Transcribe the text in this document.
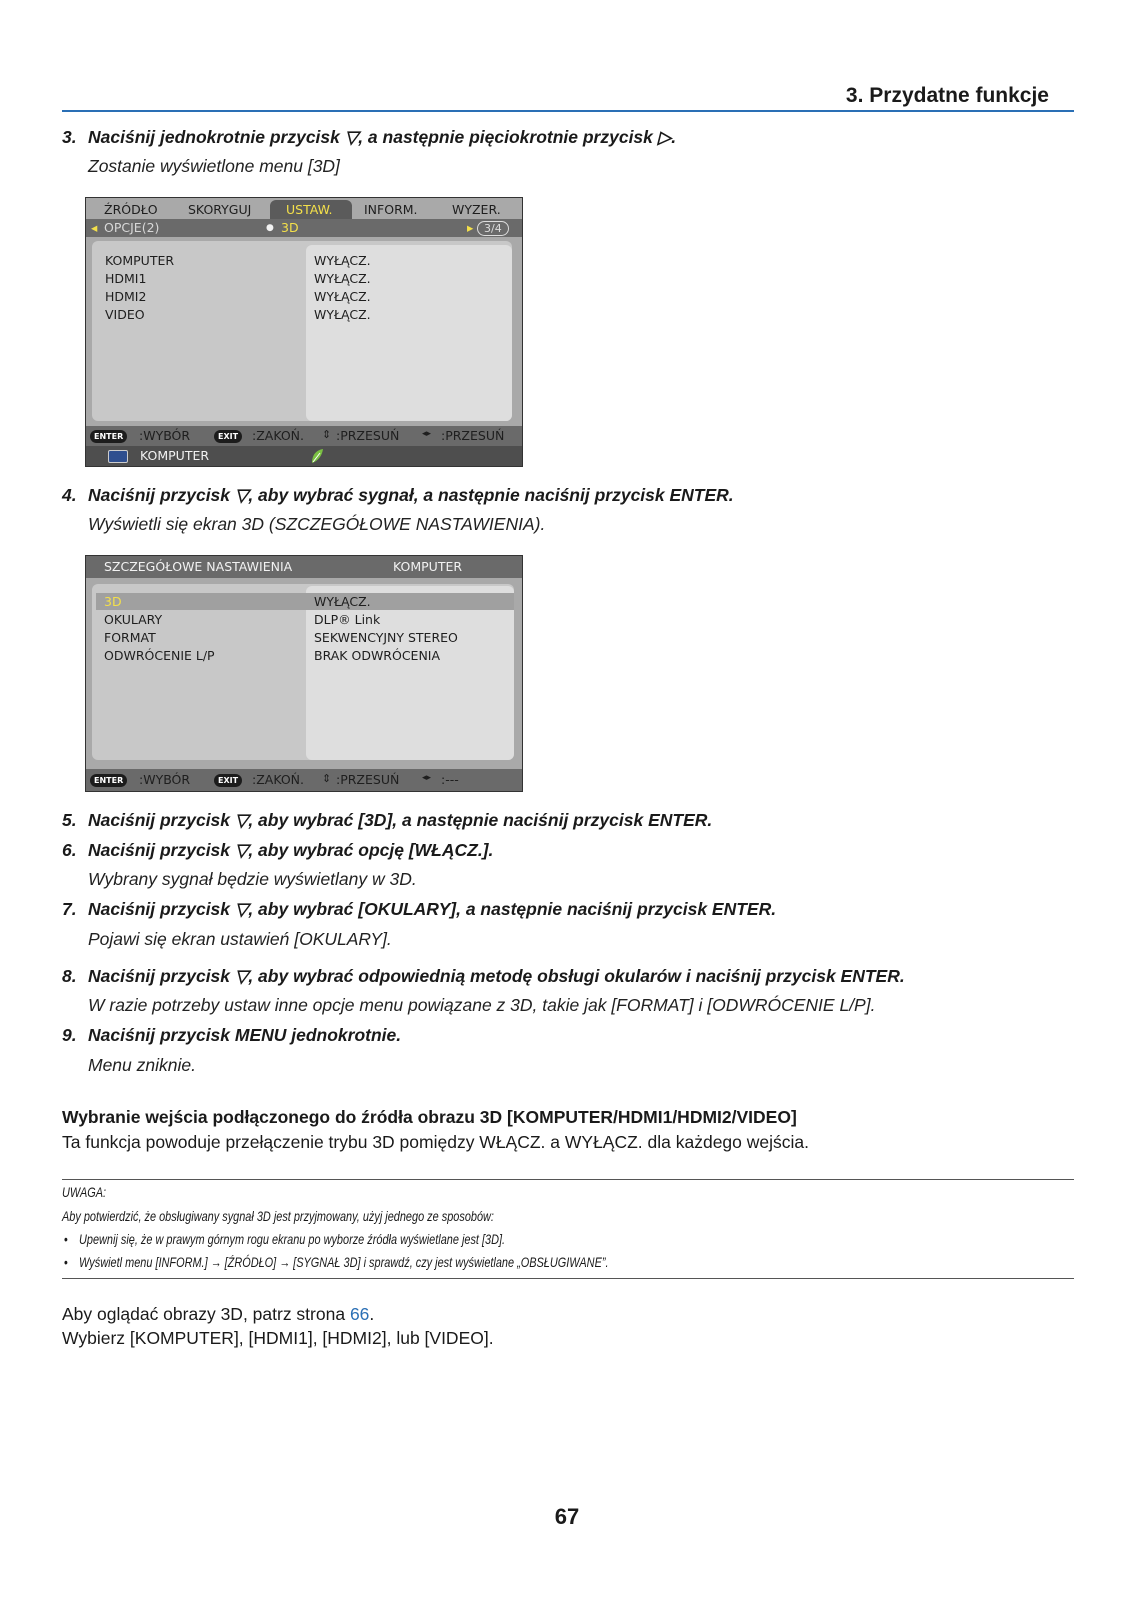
3. Przydatne funkcje
3. Naciśnij jednokrotnie przycisk ▽, a następnie pięciokrotnie przycisk ▷.
Zostanie wyświetlone menu [3D]
ŹRÓDŁO SKORYGUJ	USTAW.	INFORM.	WYZER.
◂ OPCJE(2)	● 3D	▸ 3/4
KOMPUTER	WYŁĄCZ.
HDMI1	WYŁĄCZ.
HDMI2	WYŁĄCZ.
VIDEO	WYŁĄCZ.
ENTER	:WYBÓR	EXIT	:ZAKOŃ. ⇕ :PRZESUŃ	◂▸ :PRZESUŃ
KOMPUTER
4. Naciśnij przycisk ▽, aby wybrać sygnał, a następnie naciśnij przycisk ENTER.
Wyświetli się ekran 3D (SZCZEGÓŁOWE NASTAWIENIA).
SZCZEGÓŁOWE NASTAWIENIA	KOMPUTER
3D	WYŁĄCZ.
OKULARY	DLP® Link
FORMAT	SEKWENCYJNY STEREO
ODWRÓCENIE L/P	BRAK ODWRÓCENIA
ENTER	:WYBÓR	EXIT	:ZAKOŃ. ⇕ :PRZESUŃ	◂▸ :---
5. Naciśnij przycisk ▽, aby wybrać [3D], a następnie naciśnij przycisk ENTER.
6. Naciśnij przycisk ▽, aby wybrać opcję [WŁĄCZ.].
Wybrany sygnał będzie wyświetlany w 3D.
7. Naciśnij przycisk ▽, aby wybrać [OKULARY], a następnie naciśnij przycisk ENTER.
Pojawi się ekran ustawień [OKULARY].
8. Naciśnij przycisk ▽, aby wybrać odpowiednią metodę obsługi okularów i naciśnij przycisk ENTER.
W razie potrzeby ustaw inne opcje menu powiązane z 3D, takie jak [FORMAT] i [ODWRÓCENIE L/P].
9. Naciśnij przycisk MENU jednokrotnie.
Menu zniknie.
Wybranie wejścia podłączonego do źródła obrazu 3D [KOMPUTER/HDMI1/HDMI2/VIDEO]
Ta funkcja powoduje przełączenie trybu 3D pomiędzy WŁĄCZ. a WYŁĄCZ. dla każdego wejścia.
UWAGA:
Aby potwierdzić, że obsługiwany sygnał 3D jest przyjmowany, użyj jednego ze sposobów:
• Upewnij się, że w prawym górnym rogu ekranu po wyborze źródła wyświetlane jest [3D].
• Wyświetl menu [INFORM.] → [ŹRÓDŁO] → [SYGNAŁ 3D] i sprawdź, czy jest wyświetlane „OBSŁUGIWANE”.
Aby oglądać obrazy 3D, patrz strona 66.
Wybierz [KOMPUTER], [HDMI1], [HDMI2], lub [VIDEO].
67
